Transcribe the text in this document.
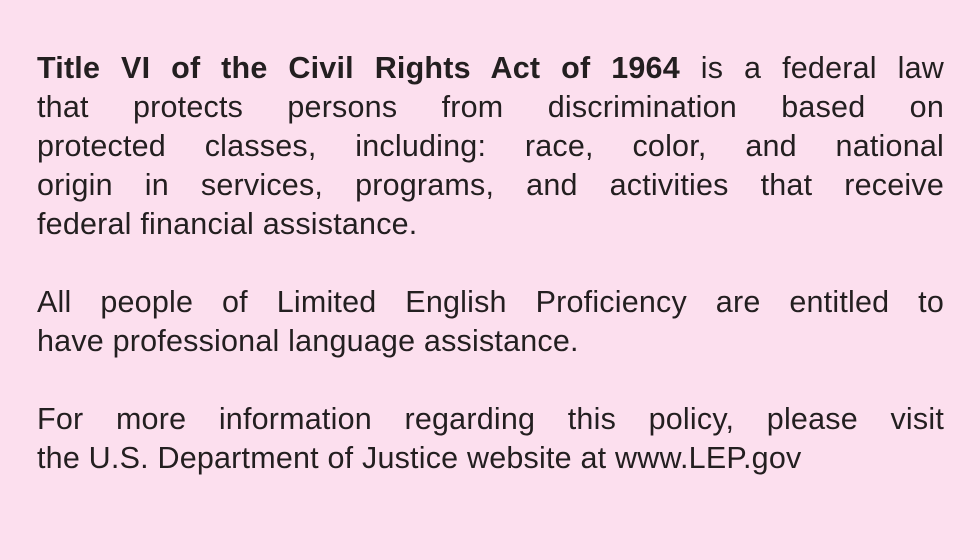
Title VI of the Civil Rights Act of 1964 is a federal law
that protects persons from discrimination based on
protected classes, including: race, color, and national
origin in services, programs, and activities that receive
federal financial assistance.
All people of Limited English Proficiency are entitled to
have professional language assistance.
For more information regarding this policy, please visit
the U.S. Department of Justice website at www.LEP.gov
